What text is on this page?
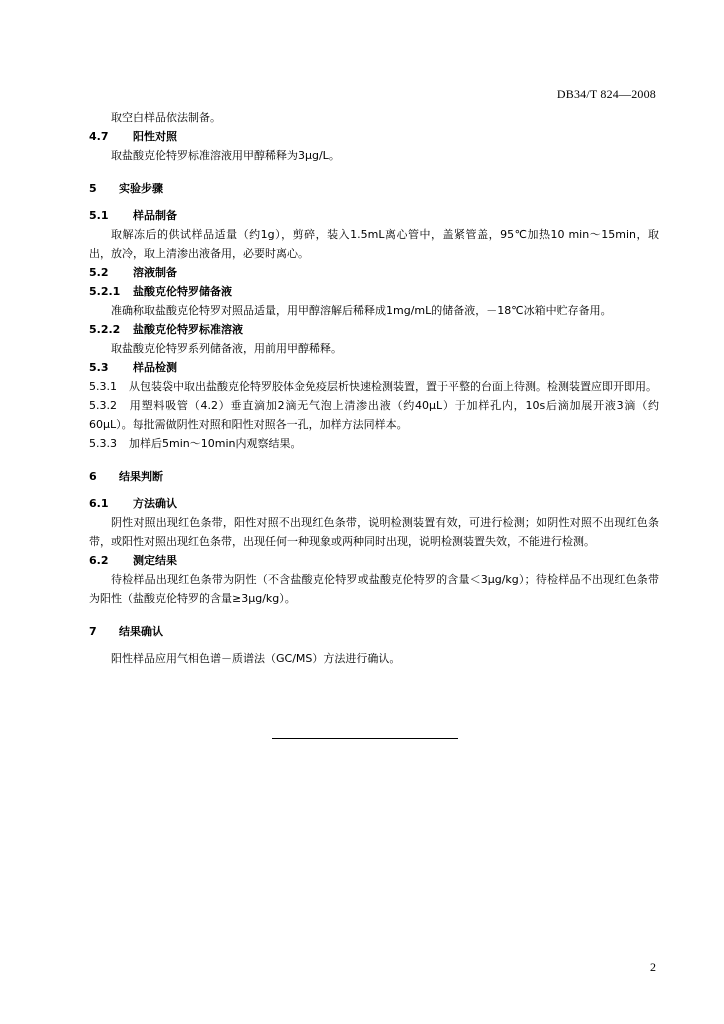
DB34/T 824—2008

取空白样品依法制备。

4.7 阳性对照

取盐酸克伦特罗标准溶液用甲醇稀释为3μg/L。

5 实验步骤
5.1 样品制备

取解冻后的供试样品适量（约1g），剪碎，装入1.5mL离心管中，盖紧管盖，95℃加热10 min～15min，取出，放冷，取上清渗出液备用，必要时离心。

5.2 溶液制备
5.2.1 盐酸克伦特罗储备液

准确称取盐酸克伦特罗对照品适量，用甲醇溶解后稀释成1mg/mL的储备液，－18℃冰箱中贮存备用。

5.2.2 盐酸克伦特罗标准溶液

取盐酸克伦特罗系列储备液，用前用甲醇稀释。

5.3 样品检测

5.3.1 从包装袋中取出盐酸克伦特罗胶体金免疫层析快速检测装置，置于平整的台面上待测。检测装置应即开即用。

5.3.2 用塑料吸管（4.2）垂直滴加2滴无气泡上清渗出液（约40μL）于加样孔内，10s后滴加展开液3滴（约60μL）。每批需做阴性对照和阳性对照各一孔，加样方法同样本。

5.3.3 加样后5min～10min内观察结果。

6 结果判断
6.1 方法确认

阴性对照出现红色条带，阳性对照不出现红色条带，说明检测装置有效，可进行检测；如阴性对照不出现红色条带，或阳性对照出现红色条带，出现任何一种现象或两种同时出现，说明检测装置失效，不能进行检测。

6.2 测定结果

待检样品出现红色条带为阴性（不含盐酸克伦特罗或盐酸克伦特罗的含量＜3μg/kg）；待检样品不出现红色条带为阳性（盐酸克伦特罗的含量≥3μg/kg）。

7 结果确认

阳性样品应用气相色谱－质谱法（GC/MS）方法进行确认。

2
